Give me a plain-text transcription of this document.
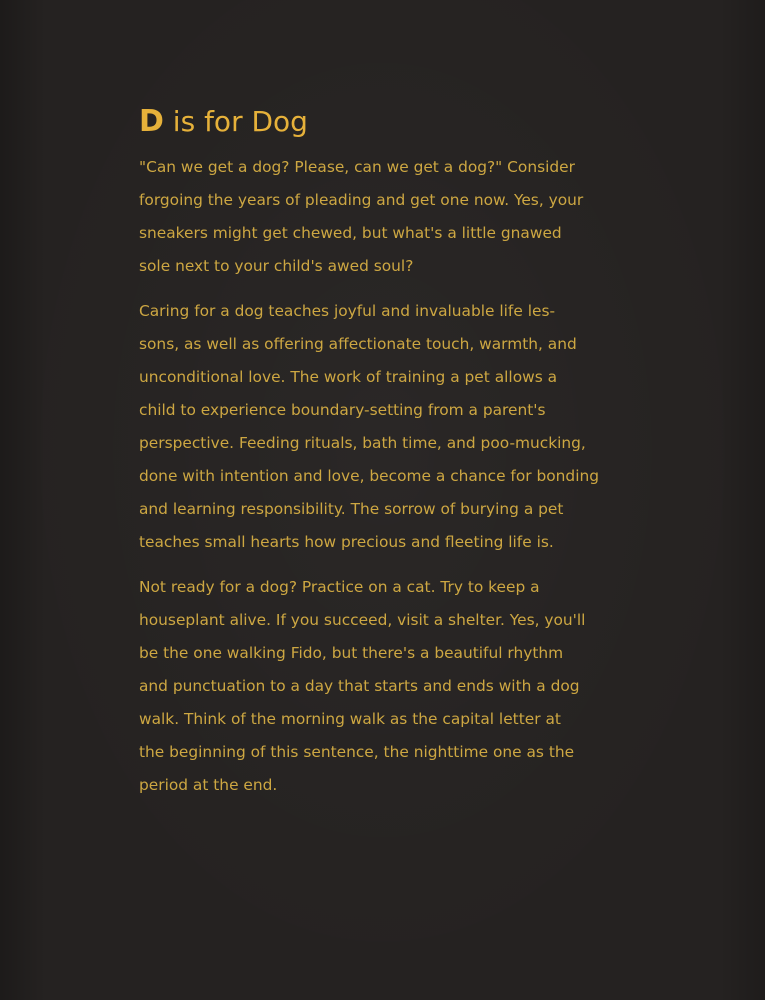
D is for Dog

"Can we get a dog? Please, can we get a dog?" Consider
forgoing the years of pleading and get one now. Yes, your
sneakers might get chewed, but what's a little gnawed
sole next to your child's awed soul?

Caring for a dog teaches joyful and invaluable life les-
sons, as well as offering affectionate touch, warmth, and
unconditional love. The work of training a pet allows a
child to experience boundary-setting from a parent's
perspective. Feeding rituals, bath time, and poo-mucking,
done with intention and love, become a chance for bonding
and learning responsibility. The sorrow of burying a pet
teaches small hearts how precious and fleeting life is.

Not ready for a dog? Practice on a cat. Try to keep a
houseplant alive. If you succeed, visit a shelter. Yes, you'll
be the one walking Fido, but there's a beautiful rhythm
and punctuation to a day that starts and ends with a dog
walk. Think of the morning walk as the capital letter at
the beginning of this sentence, the nighttime one as the
period at the end.
